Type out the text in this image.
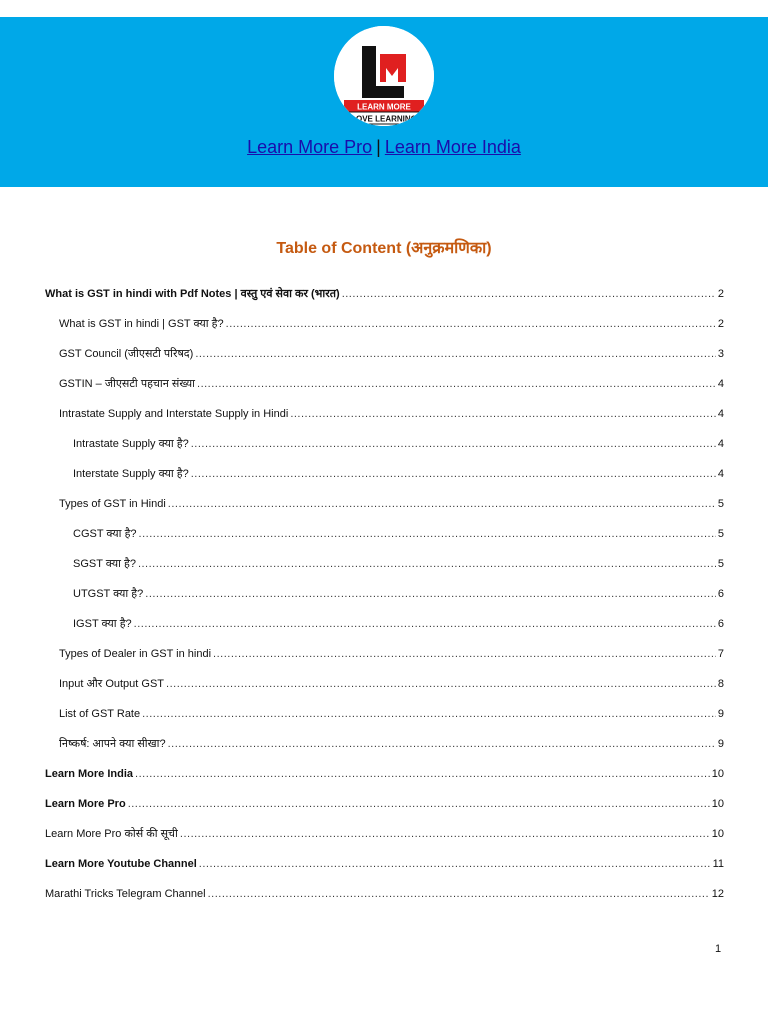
LEARN MORE
LOVE LEARNING
Learn More Pro | Learn More India
Table of Content (अनुक्रमणिका)
What is GST in hindi with Pdf Notes | वस्तु एवं सेवा कर (भारत) .....	2
What is GST in hindi | GST क्या है? .....	2
GST Council (जीएसटी परिषद) .....	3
GSTIN – जीएसटी पहचान संख्या .....	4
Intrastate Supply and Interstate Supply in Hindi .....	4
Intrastate Supply क्या है? .....	4
Interstate Supply क्या है? .....	4
Types of GST in Hindi .....	5
CGST क्या है? .....	5
SGST क्या है? .....	5
UTGST क्या है? .....	6
IGST क्या है? .....	6
Types of Dealer in GST in hindi .....	7
Input और Output GST .....	8
List of GST Rate .....	9
निष्कर्ष: आपने क्या सीखा? .....	9
Learn More India .....	10
Learn More Pro .....	10
Learn More Pro कोर्स की सूची .....	10
Learn More Youtube Channel .....	11
Marathi Tricks Telegram Channel .....	12
1
